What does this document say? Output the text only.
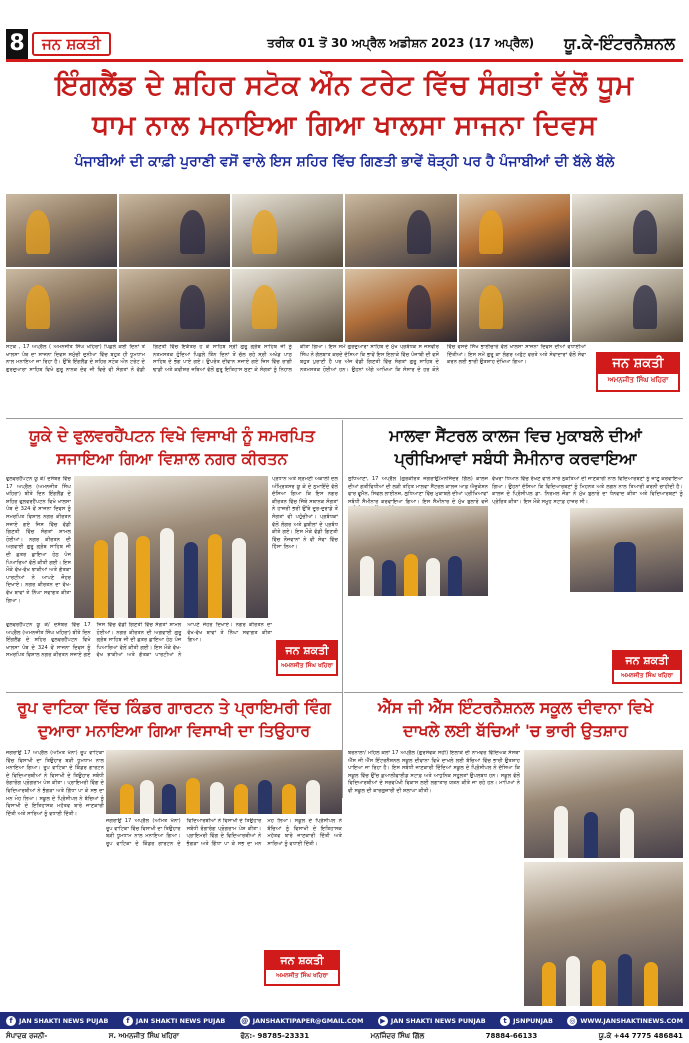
8	ਜਨ ਸ਼ਕਤੀ	ਤਰੀਕ 01 ਤੋਂ 30 ਅਪ੍ਰੈਲ ਅਡੀਸ਼ਨ 2023 (17 ਅਪ੍ਰੈਲ) ਯੂ.ਕੇ-ਇੰਟਰਨੈਸ਼ਨਲ
ਇੰਗਲੈਂਡ ਦੇ ਸ਼ਹਿਰ ਸਟੋਕ ਔਨ ਟਰੇਟ ਵਿੱਚ ਸੰਗਤਾਂ ਵੱਲੋਂ ਧੂਮ
ਧਾਮ ਨਾਲ ਮਨਾਇਆ ਗਿਆ ਖਾਲਸਾ ਸਾਜਨਾ ਦਿਵਸ
ਪੰਜਾਬੀਆਂ ਦੀ ਕਾਫ਼ੀ ਪੁਰਾਣੀ ਵਸੋਂ ਵਾਲੇ ਇਸ ਸ਼ਹਿਰ ਵਿੱਚ ਗਿਣਤੀ ਭਾਵੇਂ ਥੋੜ੍ਹੀ ਪਰ ਹੈ ਪੰਜਾਬੀਆਂ ਦੀ ਬੱਲੇ ਬੱਲੇ
ਸਟੋਕ , 17 ਅਪ੍ਰੈਲ ( ਅਮਨਜੀਤ ਸਿੰਘ ਖਹਿਰਾ) ਪਿਛਲੇ ਕਈ ਦਿਨਾਂ ਤੋਂ ਖਾਲਸਾ ਪੰਥ ਦਾ ਸਾਜਨਾ ਦਿਵਸ ਸਮੁੱਚੀ ਦੁਨੀਆ ਵਿੱਚ ਬਹੁਤ ਹੀ ਧੂਮਧਾਮ ਨਾਲ ਮਨਾਇਆ ਜਾ ਰਿਹਾ ਹੈ। ਉੱਥੇ ਇੰਗਲੈਂਡ ਦੇ ਸ਼ਹਿਰ ਸਟੋਕ ਔਨ ਟਰੇਟ ਦੇ ਗੁਰਦੁਆਰਾ ਸਾਹਿਬ ਵਿਖੇ ਗੁਰੂ ਨਾਨਕ ਦੇਵ ਜੀ ਵਿਚੇ ਵੀ ਸੰਗਤਾਂ ਨੇ ਵੱਡੀ ਗਿਣਤੀ ਵਿੱਚ ਇਕੱਤਰ ਹੋ ਕੇ ਸਾਹਿਬ ਸ੍ਰੀ ਗੁਰੂ ਗ੍ਰੰਥ ਸਾਹਿਬ ਜੀ ਨੂੰ ਨਤਮਸਤਕ ਹੁੰਦਿਆਂ ਪਿਛਲੇ ਤਿੰਨ ਦਿਨਾਂ ਤੋਂ ਚੱਲ ਰਹੇ ਸ੍ਰੀ ਅਖੰਡ ਪਾਠ ਸਾਹਿਬ ਦੇ ਭੋਗ ਪਾਏ ਗਏ। ਉਪਰੰਤ ਦੀਵਾਨ ਸਜਾਏ ਗਏ ਜਿਸ ਵਿੱਚ ਰਾਗੀ ਢਾਡੀ ਅਤੇ ਕਵੀਸ਼ਰ ਜਥਿਆਂ ਵੱਲੋਂ ਗੁਰੂ ਇਤਿਹਾਸ ਸੁਣਾ ਕੇ ਸੰਗਤਾਂ ਨੂੰ ਨਿਹਾਲ ਕੀਤਾ ਗਿਆ। ਇਸ ਸਮੇਂ ਗੁਰਦੁਆਰਾ ਸਾਹਿਬ ਦੇ ਮੁੱਖ ਪ੍ਰਬੰਧਕ ਸ ਜਸਵੀਰ ਸਿੰਘ ਨੇ ਗੱਲਬਾਤ ਕਰਦੇ ਦੱਸਿਆ ਕਿ ਭਾਵੇਂ ਇਸ ਇਲਾਕੇ ਵਿੱਚ ਪੰਜਾਬੀ ਦੀ ਵਸੋਂ ਬਹੁਤ ਪੁਰਾਣੀ ਹੈ ਪਰ ਅੱਜ ਵੱਡੀ ਗਿਣਤੀ ਵਿੱਚ ਸੰਗਤਾਂ ਗੁਰੂ ਸਾਹਿਬ ਦੇ ਨਤਮਸਤਕ ਹੋਈਆਂ ਹਨ। ਉਹਨਾਂ ਅੱਗੇ ਆਖਿਆ ਕਿ ਸੰਸਾਰ ਦੇ ਹਰ ਕੋਨੇ ਵਿੱਚ ਵਸਦੇ ਸਿੱਖ ਭਾਈਚਾਰੇ ਵੱਲੋਂ ਖਾਲਸਾ ਸਾਜਨਾ ਦਿਵਸ ਦੀਆਂ ਵਧਾਈਆਂ ਦਿੱਤੀਆਂ। ਇਸ ਸਮੇਂ ਗੁਰੂ ਕਾ ਲੰਗਰ ਅਤੁੱਟ ਵਰਤੇ ਅਤੇ ਸੇਵਾਦਾਰਾਂ ਵੱਲੋਂ ਸੇਵਾ ਕਰਨ ਲਈ ਭਾਰੀ ਉਤਸ਼ਾਹ ਦੇਖਿਆ ਗਿਆ।	ਜਨ ਸ਼ਕਤੀ
ਅਮਨਜੀਤ ਸਿੰਘ ਖਹਿਰਾ
ਯੂਕੇ ਦੇ ਵੁਲਵਰਹੈਂਪਟਨ ਵਿਖੇ ਵਿਸਾਖੀ ਨੂੰ ਸਮਰਪਿਤ
ਸਜਾਇਆ ਗਿਆ ਵਿਸ਼ਾਲ ਨਗਰ ਕੀਰਤਨ
ਵੁਲਵਰਹੈਂਪਟਨ ਯੂ ਕੇ/ ਦਸੰਬਰ ਵਿੱਚ 17 ਅਪ੍ਰੈਲ (ਅਮਨਜੀਤ ਸਿੰਘ ਖਹਿਰਾ) ਬੀਤੇ ਦਿਨ ਇੰਗਲੈਂਡ ਦੇ ਸ਼ਹਿਰ ਵੁਲਵਰਹੈਂਪਟਨ ਵਿਖੇ ਖਾਲਸਾ ਪੰਥ ਦੇ 324 ਵੇਂ ਸਾਜਨਾ ਦਿਵਸ ਨੂੰ ਸਮਰਪਿਤ ਵਿਸ਼ਾਲ ਨਗਰ ਕੀਰਤਨ ਸਜਾਏ ਗਏ ਜਿਸ ਵਿੱਚ ਵੱਡੀ ਗਿਣਤੀ ਵਿੱਚ ਸੰਗਤਾਂ ਸ਼ਾਮਲ ਹੋਈਆਂ। ਨਗਰ ਕੀਰਤਨ ਦੀ ਅਗਵਾਈ ਗੁਰੂ ਗ੍ਰੰਥ ਸਾਹਿਬ ਜੀ ਦੀ ਛਤਰ ਛਾਇਆ ਹੇਠ ਪੰਜ ਪਿਆਰਿਆਂ ਵੱਲੋਂ ਕੀਤੀ ਗਈ। ਇਸ ਮੌਕੇ ਵੱਖ-ਵੱਖ ਝਾਕੀਆਂ ਅਤੇ ਗੱਤਕਾ ਪਾਰਟੀਆਂ ਨੇ ਆਪਣੇ ਜੌਹਰ ਦਿਖਾਏ। ਨਗਰ ਕੀਰਤਨ ਦਾ ਵੱਖ-ਵੱਖ ਥਾਵਾਂ ਤੇ ਨਿੱਘਾ ਸਵਾਗਤ ਕੀਤਾ ਗਿਆ।
ਪ੍ਰਧਾਨ ਅਤੇ ਸ਼੍ਰੋਮਣੀ ਅਕਾਲੀ ਦਲ ਅੰਮ੍ਰਿਤਸਰ ਯੂ ਕੇ ਦੇ ਨੁਮਾਇੰਦੇ ਵੱਲੋਂ ਦੱਸਿਆ ਗਿਆ ਕਿ ਇਸ ਨਗਰ ਕੀਰਤਨ ਵਿੱਚ ਜਿੱਥੇ ਸਥਾਨਕ ਸੰਗਤਾਂ ਨੇ ਹਾਜ਼ਰੀ ਭਰੀ ਉੱਥੇ ਦੂਰ-ਦੁਰਾਡੇ ਤੋਂ ਸੰਗਤਾਂ ਵੀ ਪਹੁੰਚੀਆਂ। ਪ੍ਰਬੰਧਕਾਂ ਵੱਲੋਂ ਲੰਗਰ ਅਤੇ ਛਬੀਲਾਂ ਦੇ ਪ੍ਰਬੰਧ ਕੀਤੇ ਗਏ। ਇਸ ਮੌਕੇ ਵੱਡੀ ਗਿਣਤੀ ਵਿੱਚ ਨੌਜਵਾਨਾਂ ਨੇ ਵੀ ਸੇਵਾ ਵਿੱਚ ਹਿੱਸਾ ਲਿਆ।
ਵੁਲਵਰਹੈਂਪਟਨ ਯੂ ਕੇ/ ਦਸੰਬਰ ਵਿੱਚ 17 ਅਪ੍ਰੈਲ (ਅਮਨਜੀਤ ਸਿੰਘ ਖਹਿਰਾ) ਬੀਤੇ ਦਿਨ ਇੰਗਲੈਂਡ ਦੇ ਸ਼ਹਿਰ ਵੁਲਵਰਹੈਂਪਟਨ ਵਿਖੇ ਖਾਲਸਾ ਪੰਥ ਦੇ 324 ਵੇਂ ਸਾਜਨਾ ਦਿਵਸ ਨੂੰ ਸਮਰਪਿਤ ਵਿਸ਼ਾਲ ਨਗਰ ਕੀਰਤਨ ਸਜਾਏ ਗਏ ਜਿਸ ਵਿੱਚ ਵੱਡੀ ਗਿਣਤੀ ਵਿੱਚ ਸੰਗਤਾਂ ਸ਼ਾਮਲ ਹੋਈਆਂ। ਨਗਰ ਕੀਰਤਨ ਦੀ ਅਗਵਾਈ ਗੁਰੂ ਗ੍ਰੰਥ ਸਾਹਿਬ ਜੀ ਦੀ ਛਤਰ ਛਾਇਆ ਹੇਠ ਪੰਜ ਪਿਆਰਿਆਂ ਵੱਲੋਂ ਕੀਤੀ ਗਈ। ਇਸ ਮੌਕੇ ਵੱਖ-ਵੱਖ ਝਾਕੀਆਂ ਅਤੇ ਗੱਤਕਾ ਪਾਰਟੀਆਂ ਨੇ ਆਪਣੇ ਜੌਹਰ ਦਿਖਾਏ। ਨਗਰ ਕੀਰਤਨ ਦਾ ਵੱਖ-ਵੱਖ ਥਾਵਾਂ ਤੇ ਨਿੱਘਾ ਸਵਾਗਤ ਕੀਤਾ ਗਿਆ।
ਜਨ ਸ਼ਕਤੀ
ਅਮਨਜੀਤ ਸਿੰਘ ਖਹਿਰਾ
ਮਾਲਵਾ ਸੈਂਟਰਲ ਕਾਲਜ ਵਿਚ ਮੁਕਾਬਲੇ ਦੀਆਂ
ਪ੍ਰੀਖਿਆਵਾਂ ਸਬੰਧੀ ਸੈਮੀਨਾਰ ਕਰਵਾਇਆ
ਲੁਧਿਆਣਾ, 17 ਅਪ੍ਰੈਲ (ਗੁਰਕੀਰਤ ਜਗਰਾਉਂ/ਮਨਜਿੰਦਰ ਗਿੱਲ) ਕਾਲਜ ਦੀਆਂ ਗਤੀਵਿਧੀਆਂ ਦੀ ਲੜੀ ਤਹਿਤ ਮਾਲਵਾ ਸੈਂਟਰਲ ਕਾਲਜ ਆਫ਼ ਐਜੂਕੇਸ਼ਨ ਫਾਰ ਵੂਮੈਨ, ਸਿਵਲ ਲਾਈਨਜ਼, ਲੁਧਿਆਣਾ ਵਿੱਚ ਮੁਕਾਬਲੇ ਦੀਆਂ ਪ੍ਰੀਖਿਆਵਾਂ ਸਬੰਧੀ ਸੈਮੀਨਾਰ ਕਰਵਾਇਆ ਗਿਆ। ਇਸ ਸੈਮੀਨਾਰ ਦੇ ਮੁੱਖ ਬੁਲਾਰੇ ਵਜੋਂ
ਵੱਖਰਾ ਧਿਆਨ ਵਿੱਚ ਰੱਖਣ ਵਾਲੇ ਸਾਰੇ ਨੁਕਤਿਆਂ ਦੀ ਜਾਣਕਾਰੀ ਨਾਲ ਵਿਦਿਆਰਥਣਾਂ ਨੂੰ ਜਾਣੂ ਕਰਵਾਇਆ ਗਿਆ। ਉਹਨਾਂ ਦੱਸਿਆ ਕਿ ਵਿਦਿਆਰਥਣਾਂ ਨੂੰ ਮਿਹਨਤ ਅਤੇ ਲਗਨ ਨਾਲ ਤਿਆਰੀ ਕਰਨੀ ਚਾਹੀਦੀ ਹੈ। ਕਾਲਜ ਦੇ ਪ੍ਰਿੰਸੀਪਲ ਡਾ. ਨਿਰਮਲ ਜੌੜਾ ਨੇ ਮੁੱਖ ਬੁਲਾਰੇ ਦਾ ਧੰਨਵਾਦ ਕੀਤਾ ਅਤੇ ਵਿਦਿਆਰਥਣਾਂ ਨੂੰ ਪ੍ਰੇਰਿਤ ਕੀਤਾ। ਇਸ ਮੌਕੇ ਸਮੂਹ ਸਟਾਫ਼ ਹਾਜ਼ਰ ਸੀ।
ਜਨ ਸ਼ਕਤੀ
ਅਮਨਜੀਤ ਸਿੰਘ ਖਹਿਰਾ
ਰੂਪ ਵਾਟਿਕਾ ਵਿੱਚ ਕਿੰਡਰ ਗਾਰਟਨ ਤੇ ਪ੍ਰਾਇਮਰੀ ਵਿੰਗ
ਦੁਆਰਾ ਮਨਾਇਆ ਗਿਆ ਵਿਸਾਖੀ ਦਾ ਤਿਉਹਾਰ
ਜਗਰਾਉਂ 17 ਅਪ੍ਰੈਲ (ਅਮਿਤ ਖੰਨਾ) ਰੂਪ ਵਾਟਿਕਾ ਵਿੱਚ ਵਿਸਾਖੀ ਦਾ ਤਿਉਹਾਰ ਬੜੀ ਧੂਮਧਾਮ ਨਾਲ ਮਨਾਇਆ ਗਿਆ। ਰੂਪ ਵਾਟਿਕਾ ਦੇ ਕਿੰਡਰ ਗਾਰਟਨ ਦੇ ਵਿਦਿਆਰਥੀਆਂ ਨੇ ਵਿਸਾਖੀ ਦੇ ਤਿਉਹਾਰ ਸਬੰਧੀ ਰੰਗਾਰੰਗ ਪ੍ਰੋਗਰਾਮ ਪੇਸ਼ ਕੀਤਾ। ਪ੍ਰਾਇਮਰੀ ਵਿੰਗ ਦੇ ਵਿਦਿਆਰਥੀਆਂ ਨੇ ਭੰਗੜਾ ਅਤੇ ਗਿੱਧਾ ਪਾ ਕੇ ਸਭ ਦਾ ਮਨ ਮੋਹ ਲਿਆ। ਸਕੂਲ ਦੇ ਪ੍ਰਿੰਸੀਪਲ ਨੇ ਬੱਚਿਆਂ ਨੂੰ ਵਿਸਾਖੀ ਦੇ ਇਤਿਹਾਸਕ ਮਹੱਤਵ ਬਾਰੇ ਜਾਣਕਾਰੀ ਦਿੱਤੀ ਅਤੇ ਸਾਰਿਆਂ ਨੂੰ ਵਧਾਈ ਦਿੱਤੀ।
ਜਗਰਾਉਂ 17 ਅਪ੍ਰੈਲ (ਅਮਿਤ ਖੰਨਾ) ਰੂਪ ਵਾਟਿਕਾ ਵਿੱਚ ਵਿਸਾਖੀ ਦਾ ਤਿਉਹਾਰ ਬੜੀ ਧੂਮਧਾਮ ਨਾਲ ਮਨਾਇਆ ਗਿਆ। ਰੂਪ ਵਾਟਿਕਾ ਦੇ ਕਿੰਡਰ ਗਾਰਟਨ ਦੇ ਵਿਦਿਆਰਥੀਆਂ ਨੇ ਵਿਸਾਖੀ ਦੇ ਤਿਉਹਾਰ ਸਬੰਧੀ ਰੰਗਾਰੰਗ ਪ੍ਰੋਗਰਾਮ ਪੇਸ਼ ਕੀਤਾ। ਪ੍ਰਾਇਮਰੀ ਵਿੰਗ ਦੇ ਵਿਦਿਆਰਥੀਆਂ ਨੇ ਭੰਗੜਾ ਅਤੇ ਗਿੱਧਾ ਪਾ ਕੇ ਸਭ ਦਾ ਮਨ ਮੋਹ ਲਿਆ। ਸਕੂਲ ਦੇ ਪ੍ਰਿੰਸੀਪਲ ਨੇ ਬੱਚਿਆਂ ਨੂੰ ਵਿਸਾਖੀ ਦੇ ਇਤਿਹਾਸਕ ਮਹੱਤਵ ਬਾਰੇ ਜਾਣਕਾਰੀ ਦਿੱਤੀ ਅਤੇ ਸਾਰਿਆਂ ਨੂੰ ਵਧਾਈ ਦਿੱਤੀ।
ਜਨ ਸ਼ਕਤੀ
ਅਮਨਜੀਤ ਸਿੰਘ ਖਹਿਰਾ
ਐੱਸ ਜੀ ਐੱਸ ਇੰਟਰਨੈਸ਼ਨਲ ਸਕੂਲ ਦੀਵਾਨਾ ਵਿਖੇ
ਦਾਖਲੇ ਲਈ ਬੱਚਿਆਂ 'ਚ ਭਾਰੀ ਉਤਸ਼ਾਹ
ਬਰਨਾਲਾ/ ਮਹਿਲ ਕਲਾਂ 17 ਅਪ੍ਰੈਲ (ਗੁਰਸੇਵਕ ਸੋਹੀ) ਇਲਾਕੇ ਦੀ ਨਾਮਵਰ ਵਿੱਦਿਅਕ ਸੰਸਥਾ ਐੱਸ ਜੀ ਐੱਸ ਇੰਟਰਨੈਸ਼ਨਲ ਸਕੂਲ ਦੀਵਾਨਾ ਵਿਖੇ ਦਾਖਲੇ ਲਈ ਬੱਚਿਆਂ ਵਿੱਚ ਭਾਰੀ ਉਤਸ਼ਾਹ ਪਾਇਆ ਜਾ ਰਿਹਾ ਹੈ। ਇਸ ਸਬੰਧੀ ਜਾਣਕਾਰੀ ਦਿੰਦਿਆਂ ਸਕੂਲ ਦੇ ਪ੍ਰਿੰਸੀਪਲ ਨੇ ਦੱਸਿਆ ਕਿ ਸਕੂਲ ਵਿੱਚ ਉੱਚ ਕੁਆਲੀਫਾਈਡ ਸਟਾਫ਼ ਅਤੇ ਆਧੁਨਿਕ ਸਹੂਲਤਾਂ ਉਪਲਬਧ ਹਨ। ਸਕੂਲ ਵੱਲੋਂ ਵਿਦਿਆਰਥੀਆਂ ਦੇ ਸਰਵਪੱਖੀ ਵਿਕਾਸ ਲਈ ਲਗਾਤਾਰ ਯਤਨ ਕੀਤੇ ਜਾ ਰਹੇ ਹਨ। ਮਾਪਿਆਂ ਨੇ ਵੀ ਸਕੂਲ ਦੀ ਕਾਰਗੁਜ਼ਾਰੀ ਦੀ ਸ਼ਲਾਘਾ ਕੀਤੀ।
f	JAN SHAKTI NEWS PUJAB	f	JAN SHAKTI NEWS PUJAB @ JANSHAKTIPAPER@GMAIL.COM	▶ JAN SHAKTI NEWS PUNJAB	t JSNPUNJAB ◎ WWW.JANSHAKTINEWS.COM
ਸੰਪਾਦਕ ਰਜਨੀ-	ਸ. ਅਮਨਜੀਤ ਸਿੰਘ ਖਹਿਰਾ	ਫੋਨ:- 98785-23331	ਮਨਜਿੰਦਰ ਸਿੰਘ ਗਿੱਲ	78884-66133	ਯੂ.ਕੇ +44 7775 486841
